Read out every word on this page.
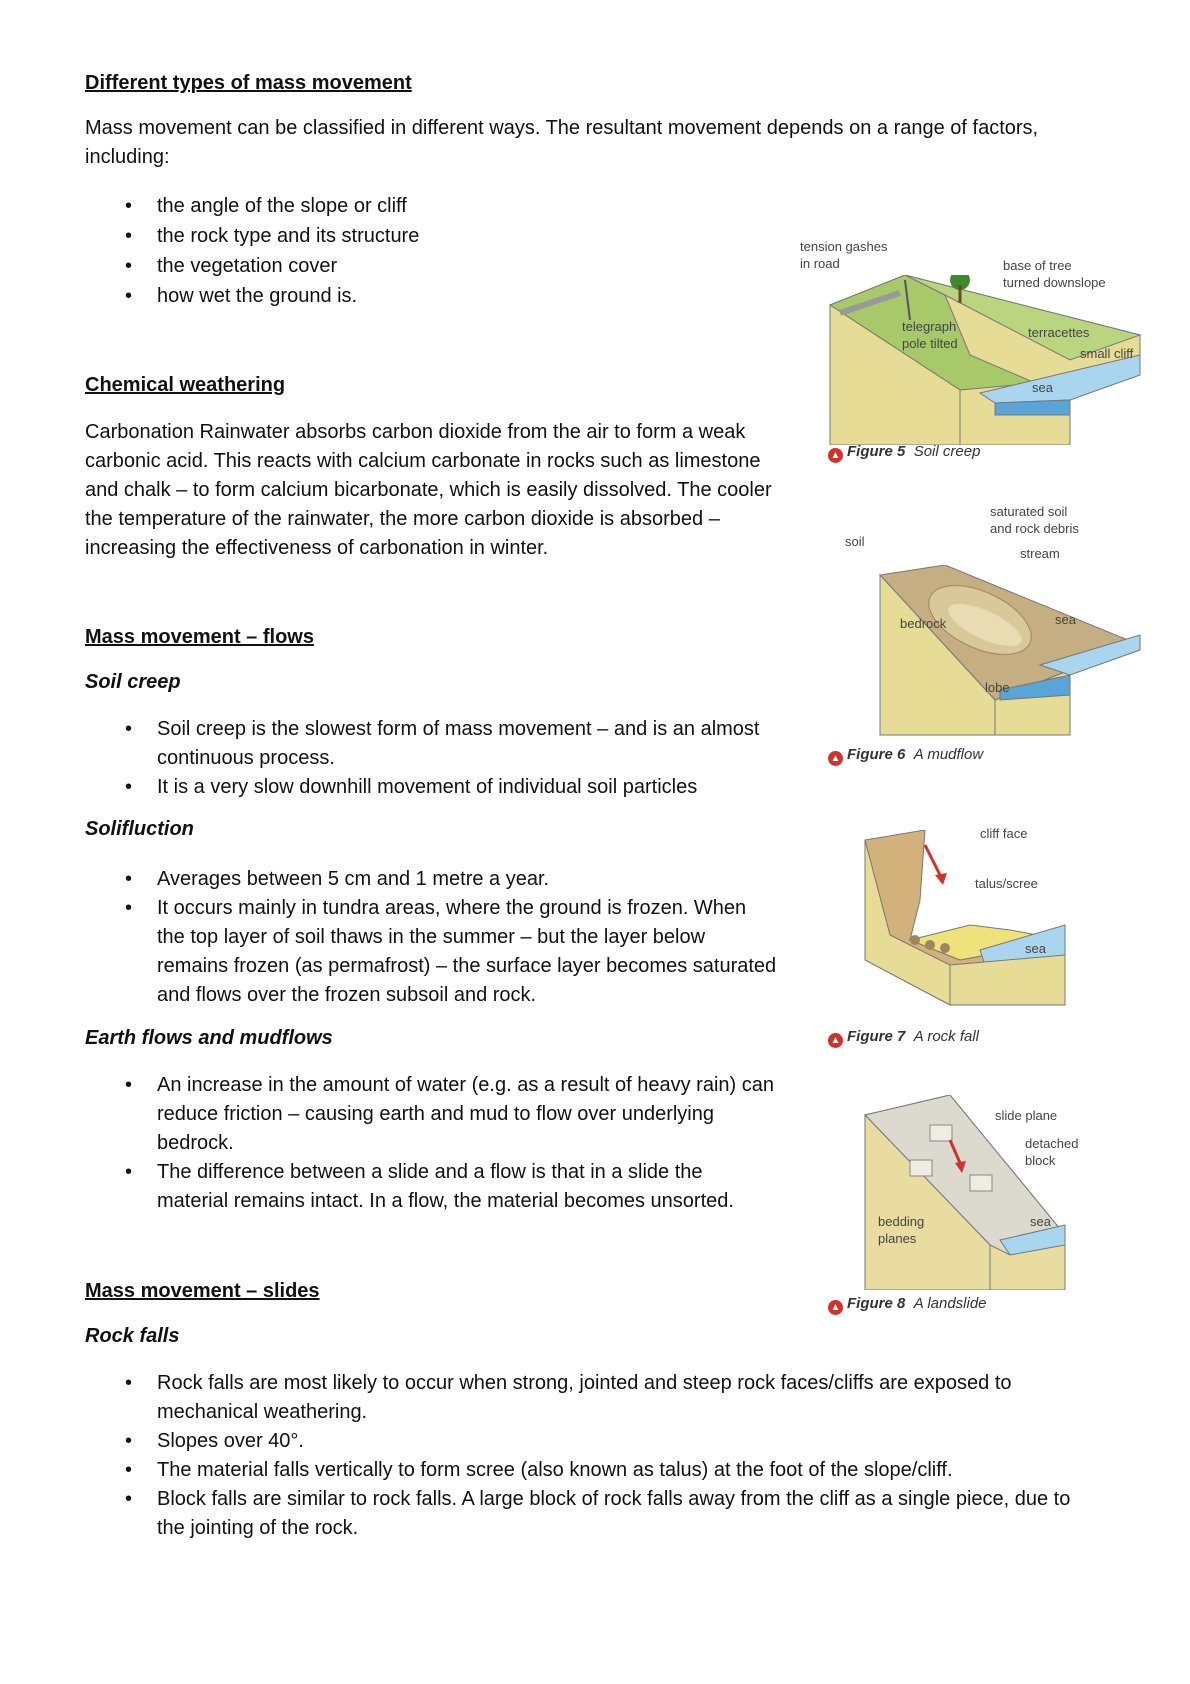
Different types of mass movement

Mass movement can be classified in different ways. The resultant movement depends on a range of factors,

including:

• the angle of the slope or cliff
• the rock type and its structure
• the vegetation cover
• how wet the ground is.
Chemical weathering
Carbonation Rainwater absorbs carbon dioxide from the air to form a weak
carbonic acid. This reacts with calcium carbonate in rocks such as limestone
and chalk – to form calcium bicarbonate, which is easily dissolved. The cooler
the temperature of the rainwater, the more carbon dioxide is absorbed –
increasing the effectiveness of carbonation in winter.
Mass movement – flows
Soil creep
• Soil creep is the slowest form of mass movement – and is an almost
continuous process.
• It is a very slow downhill movement of individual soil particles
Solifluction
• Averages between 5 cm and 1 metre a year.
• It occurs mainly in tundra areas, where the ground is frozen. When
the top layer of soil thaws in the summer – but the layer below
remains frozen (as permafrost) – the surface layer becomes saturated
and flows over the frozen subsoil and rock.
Earth flows and mudflows
• An increase in the amount of water (e.g. as a result of heavy rain) can
reduce friction – causing earth and mud to flow over underlying
bedrock.
• The difference between a slide and a flow is that in a slide the
material remains intact. In a flow, the material becomes unsorted.
Mass movement – slides
Rock falls
• Rock falls are most likely to occur when strong, jointed and steep rock faces/cliffs are exposed to
mechanical weathering.
• Slopes over 40°.
• The material falls vertically to form scree (also known as talus) at the foot of the slope/cliff.
• Block falls are similar to rock falls. A large block of rock falls away from the cliff as a single piece, due to
the jointing of the rock.
tension gashes
in road	base of tree
turned downslope
telegraph
pole tilted
terracettes
small cliff
sea
▲ Figure 5 Soil creep
saturated soil
and rock debris
soil
stream
bedrock	sea
lobe
▲ Figure 6 A mudflow
cliff face
talus/scree
sea
▲ Figure 7 A rock fall
slide plane
detached
block
bedding
planes
sea
▲ Figure 8 A landslide
